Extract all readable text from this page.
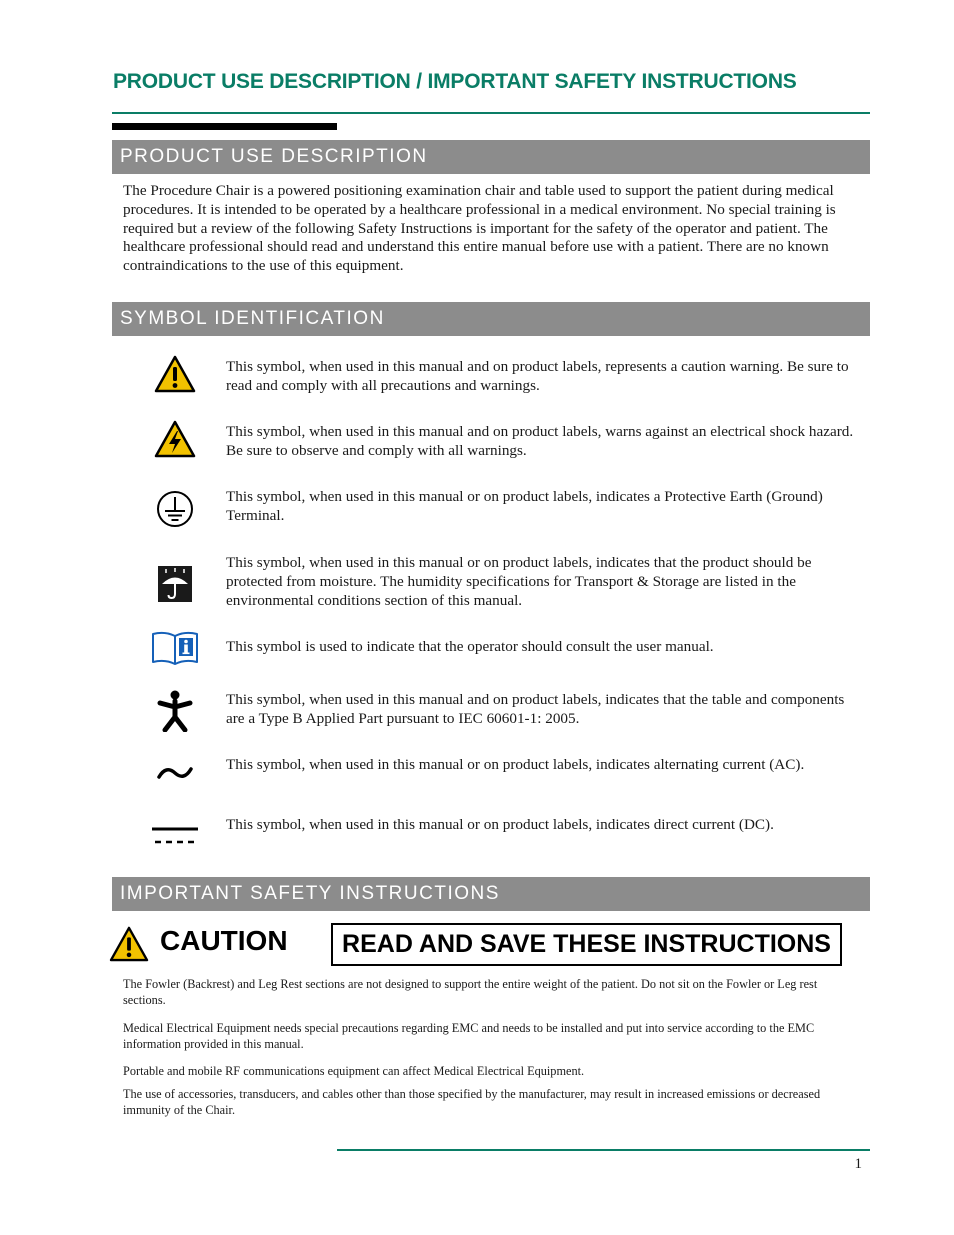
PRODUCT USE DESCRIPTION / IMPORTANT SAFETY INSTRUCTIONS
PRODUCT USE DESCRIPTION

The Procedure Chair is a powered positioning examination chair and table used to support the patient during medical procedures. It is intended to be operated by a healthcare professional in a medical environment. No special training is required but a review of the following Safety Instructions is important for the safety of the operator and patient. The healthcare professional should read and understand this entire manual before use with a patient. There are no known contraindications to the use of this equipment.

SYMBOL IDENTIFICATION

This symbol, when used in this manual and on product labels, represents a caution warning. Be sure to read and comply with all precautions and warnings.

This symbol, when used in this manual and on product labels, warns against an electrical shock hazard. Be sure to observe and comply with all warnings.

This symbol, when used in this manual or on product labels, indicates a Protective Earth (Ground) Terminal.

This symbol, when used in this manual or on product labels, indicates that the product should be protected from moisture. The humidity specifications for Transport & Storage are listed in the environmental conditions section of this manual.

This symbol is used to indicate that the operator should consult the user manual.

This symbol, when used in this manual and on product labels, indicates that the table and components are a Type B Applied Part pursuant to IEC 60601-1: 2005.

This symbol, when used in this manual or on product labels, indicates alternating current (AC).

This symbol, when used in this manual or on product labels, indicates direct current (DC).

IMPORTANT SAFETY INSTRUCTIONS
CAUTION	READ AND SAVE THESE INSTRUCTIONS

The Fowler (Backrest) and Leg Rest sections are not designed to support the entire weight of the patient. Do not sit on the Fowler or Leg rest sections.

Medical Electrical Equipment needs special precautions regarding EMC and needs to be installed and put into service according to the EMC information provided in this manual.

Portable and mobile RF communications equipment can affect Medical Electrical Equipment.

The use of accessories, transducers, and cables other than those specified by the manufacturer, may result in increased emissions or decreased immunity of the Chair.

1
